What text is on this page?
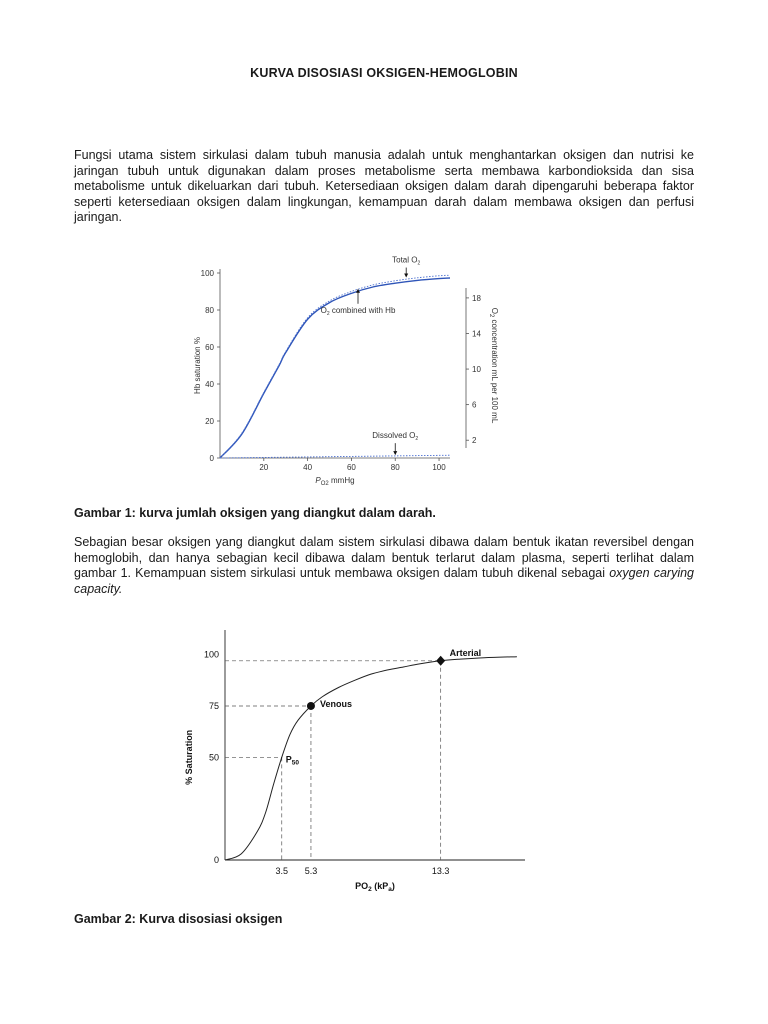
KURVA DISOSIASI OKSIGEN-HEMOGLOBIN

Fungsi utama sistem sirkulasi dalam tubuh manusia adalah untuk menghantarkan oksigen dan nutrisi ke jaringan tubuh untuk digunakan dalam proses metabolisme serta membawa karbondioksida dan sisa metabolisme untuk dikeluarkan dari tubuh. Ketersediaan oksigen dalam darah dipengaruhi beberapa faktor seperti ketersediaan oksigen dalam lingkungan, kemampuan darah dalam membawa oksigen dan perfusi jaringan.

0
20
40
60
80
100
20	40	60	80	100
2
6
10
14
18
Hb saturation %
$O_2$ concentration mL per 100 mL
$P_{O2}$ mmHg
Total $O_2$
$O_2$ combined with Hb
Dissolved $O_2$
Gambar 1: kurva jumlah oksigen yang diangkut dalam darah.

Sebagian besar oksigen yang diangkut dalam sistem sirkulasi dibawa dalam bentuk ikatan reversibel dengan hemoglobih, dan hanya sebagian kecil dibawa dalam bentuk terlarut dalam plasma, seperti terlihat dalam gambar 1. Kemampuan sistem sirkulasi untuk membawa oksigen dalam tubuh dikenal sebagai oxygen carying capacity.

0
50
75
100
3.5 5.3	13.3
% Saturation
$PO_2$ $(kP_a)$
$P_{50}$
Venous
Arterial
Gambar 2: Kurva disosiasi oksigen
